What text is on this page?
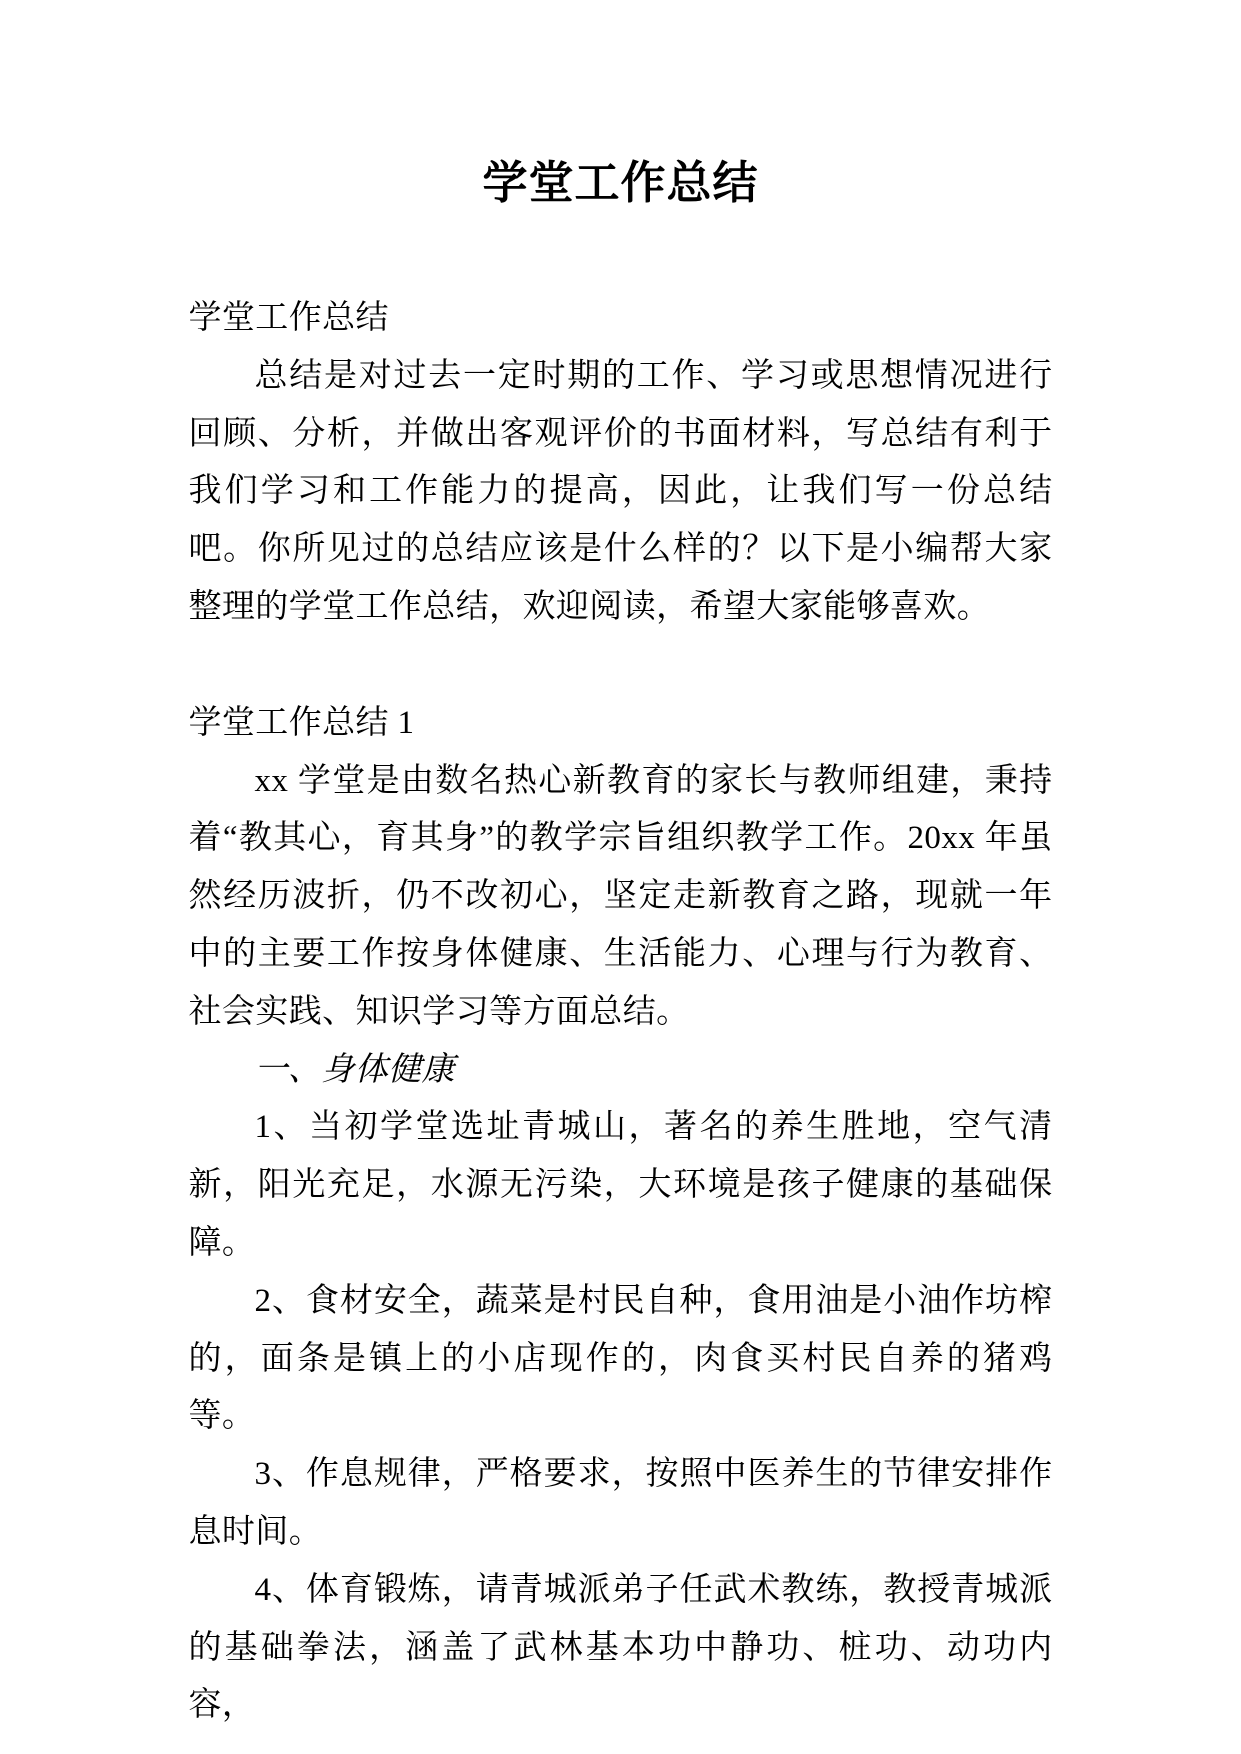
学堂工作总结

学堂工作总结

总结是对过去一定时期的工作、学习或思想情况进行回顾、分析，并做出客观评价的书面材料，写总结有利于我们学习和工作能力的提高，因此，让我们写一份总结吧。你所见过的总结应该是什么样的？以下是小编帮大家整理的学堂工作总结，欢迎阅读，希望大家能够喜欢。

学堂工作总结 1

xx 学堂是由数名热心新教育的家长与教师组建，秉持着“教其心，育其身”的教学宗旨组织教学工作。20xx 年虽然经历波折，仍不改初心，坚定走新教育之路，现就一年中的主要工作按身体健康、生活能力、心理与行为教育、社会实践、知识学习等方面总结。

一、身体健康

1、当初学堂选址青城山，著名的养生胜地，空气清新，阳光充足，水源无污染，大环境是孩子健康的基础保障。

2、食材安全，蔬菜是村民自种，食用油是小油作坊榨的，面条是镇上的小店现作的，肉食买村民自养的猪鸡等。

3、作息规律，严格要求，按照中医养生的节律安排作息时间。

4、体育锻炼，请青城派弟子任武术教练，教授青城派的基础拳法，涵盖了武林基本功中静功、桩功、动功内容，
